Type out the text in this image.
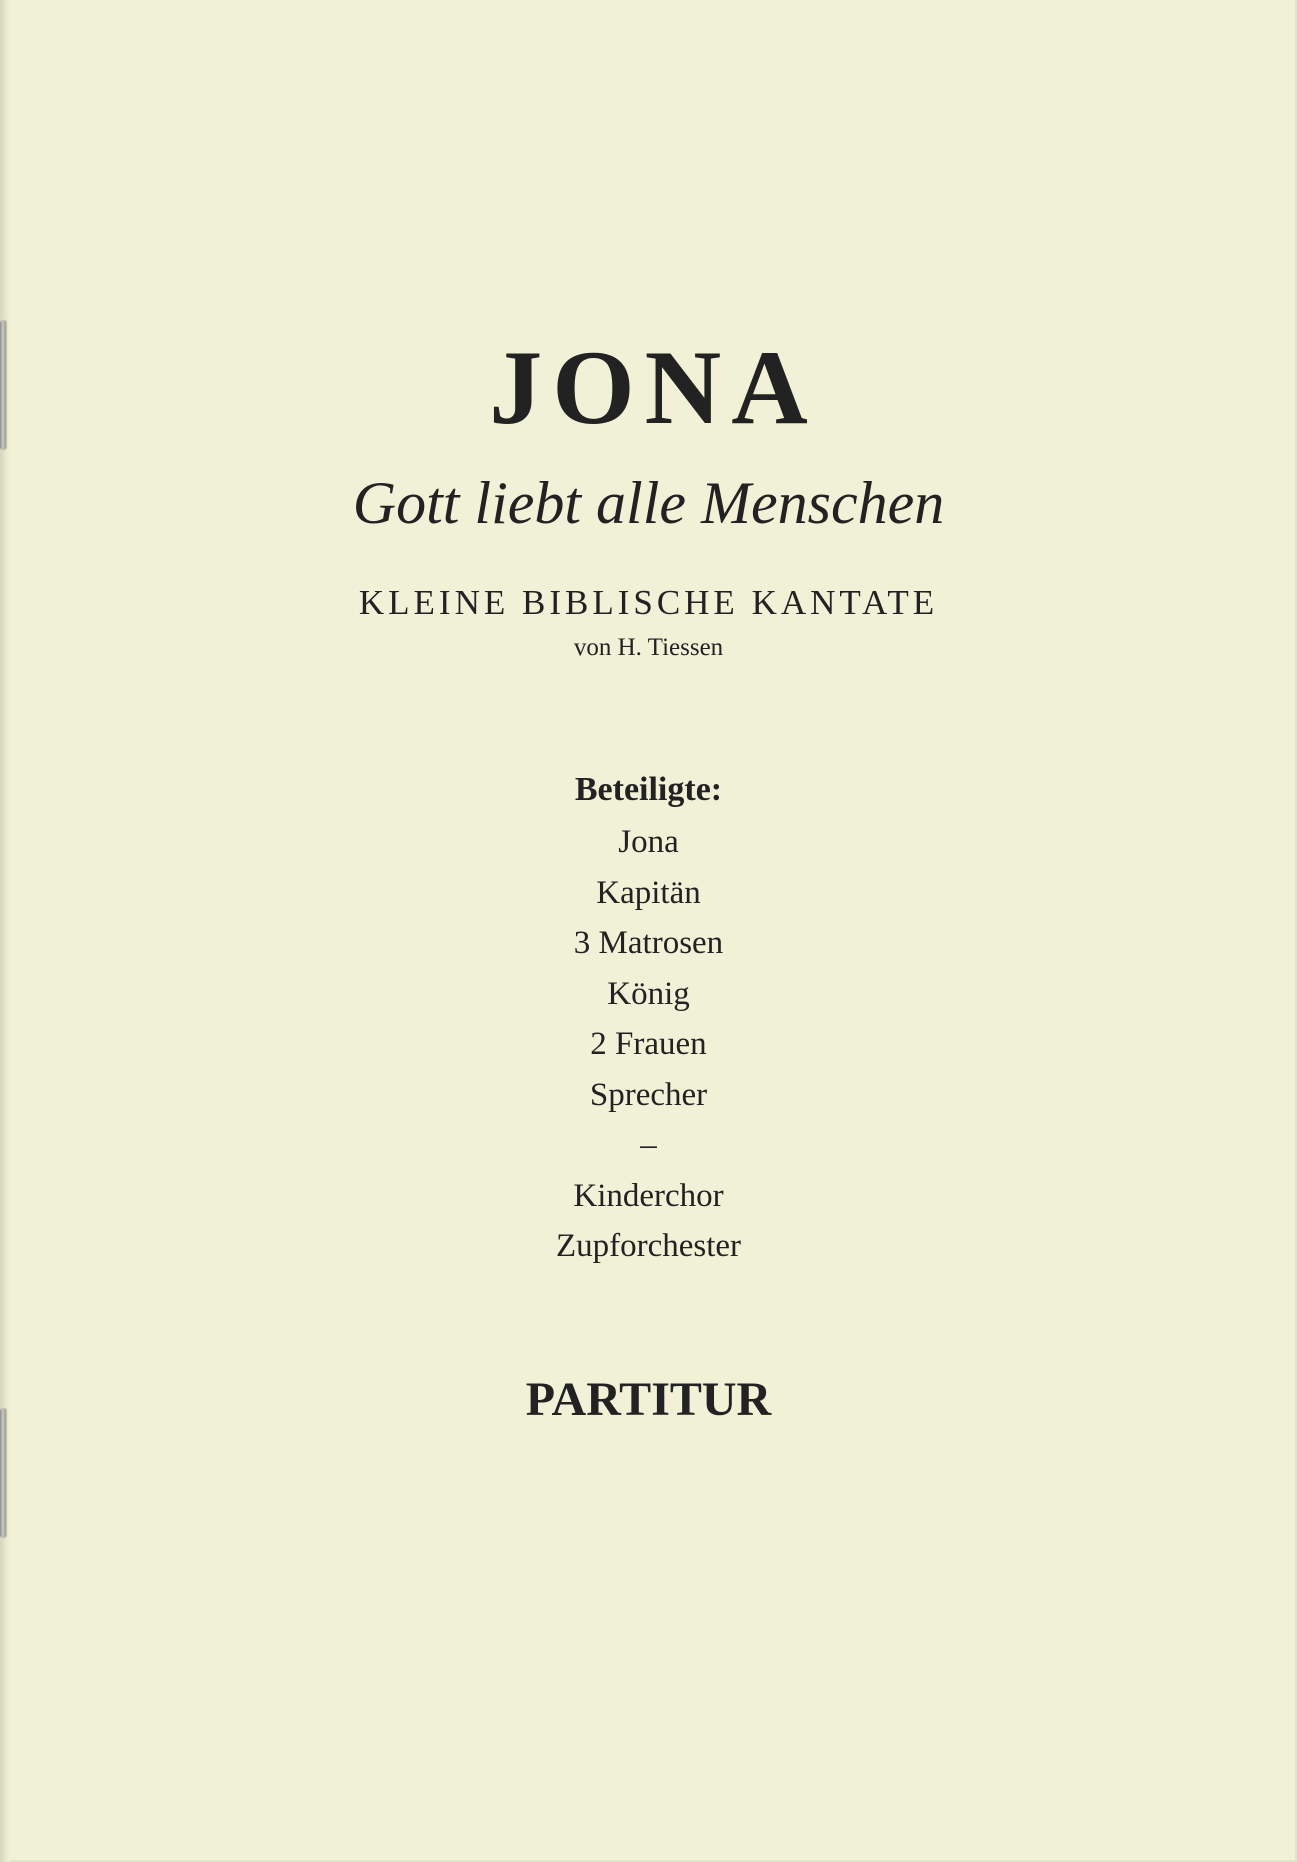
JONA
Gott liebt alle Menschen
KLEINE BIBLISCHE KANTATE
von H. Tiessen
Beteiligte:
Jona
Kapitän
3 Matrosen
König
2 Frauen
Sprecher
–
Kinderchor
Zupforchester
PARTITUR
